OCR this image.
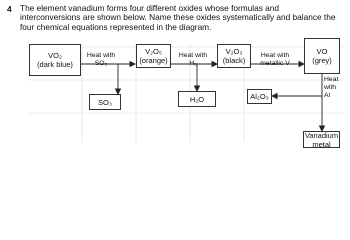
4 The element vanadium forms four different oxides whose formulas and interconversions are shown below. Name these oxides systematically and balance the four chemical equations represented in the diagram.
VO₂
(dark blue)
Heat with
SO₂
V₂O₅
(orange)
Heat with
H₂
V₂O₃
(black)
Heat with
metallic V
VO
(grey)
Heat
with
Al
SO₃	H₂O	Al₂O₃
Vanadium
metal
